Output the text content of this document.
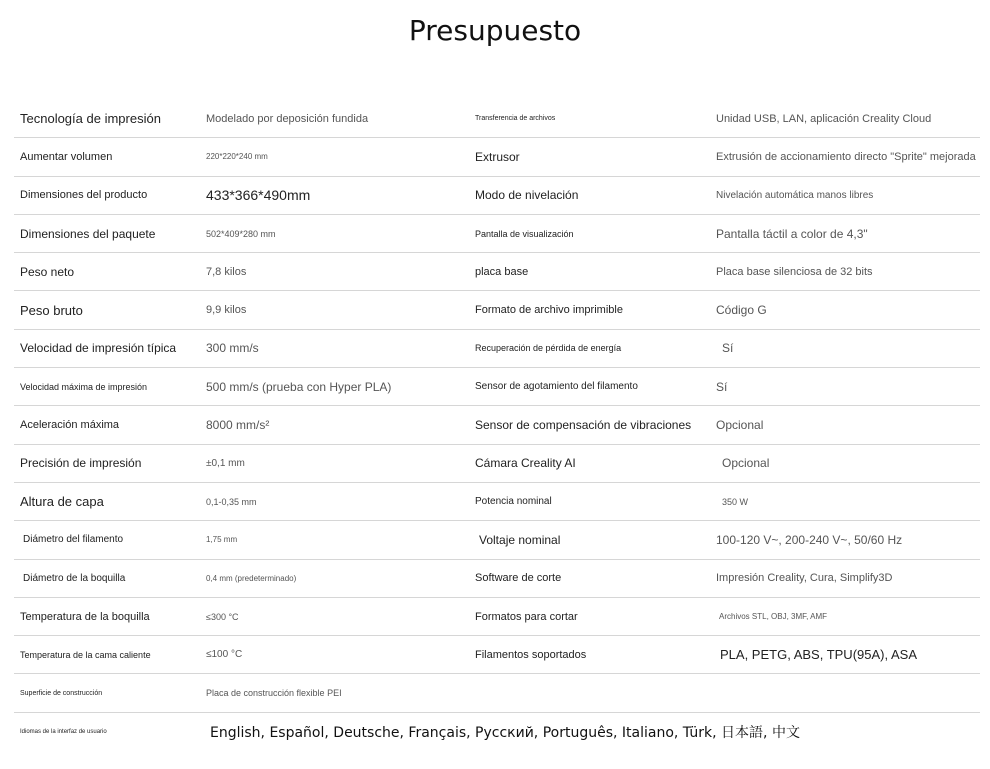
Presupuesto
Tecnología de impresión	Modelado por deposición fundida	Transferencia de archivos	Unidad USB, LAN, aplicación Creality Cloud
Aumentar volumen	220*220*240 mm	Extrusor	Extrusión de accionamiento directo "Sprite" mejorada
Dimensiones del producto	433*366*490mm	Modo de nivelación	Nivelación automática manos libres
Dimensiones del paquete	502*409*280 mm	Pantalla de visualización	Pantalla táctil a color de 4,3"
Peso neto	7,8 kilos	placa base	Placa base silenciosa de 32 bits
Peso bruto	9,9 kilos	Formato de archivo imprimible	Código G
Velocidad de impresión típica	300 mm/s	Recuperación de pérdida de energía	Sí
Velocidad máxima de impresión	500 mm/s (prueba con Hyper PLA)	Sensor de agotamiento del filamento	Sí
Aceleración máxima	8000 mm/s²	Sensor de compensación de vibraciones	Opcional
Precisión de impresión	±0,1 mm	Cámara Creality AI	Opcional
Altura de capa	0,1-0,35 mm	Potencia nominal	350 W
Diámetro del filamento	1,75 mm	Voltaje nominal	100-120 V~, 200-240 V~, 50/60 Hz
Diámetro de la boquilla	0,4 mm (predeterminado)	Software de corte	Impresión Creality, Cura, Simplify3D
Temperatura de la boquilla	≤300 °C	Formatos para cortar	Archivos STL, OBJ, 3MF, AMF
Temperatura de la cama caliente	≤100 °C	Filamentos soportados	PLA, PETG, ABS, TPU(95A), ASA
Superficie de construcción	Placa de construcción flexible PEI
Idiomas de la interfaz de usuario	English, Español, Deutsche, Français, Русский, Português, Italiano, Türk, 日本語, 中文
